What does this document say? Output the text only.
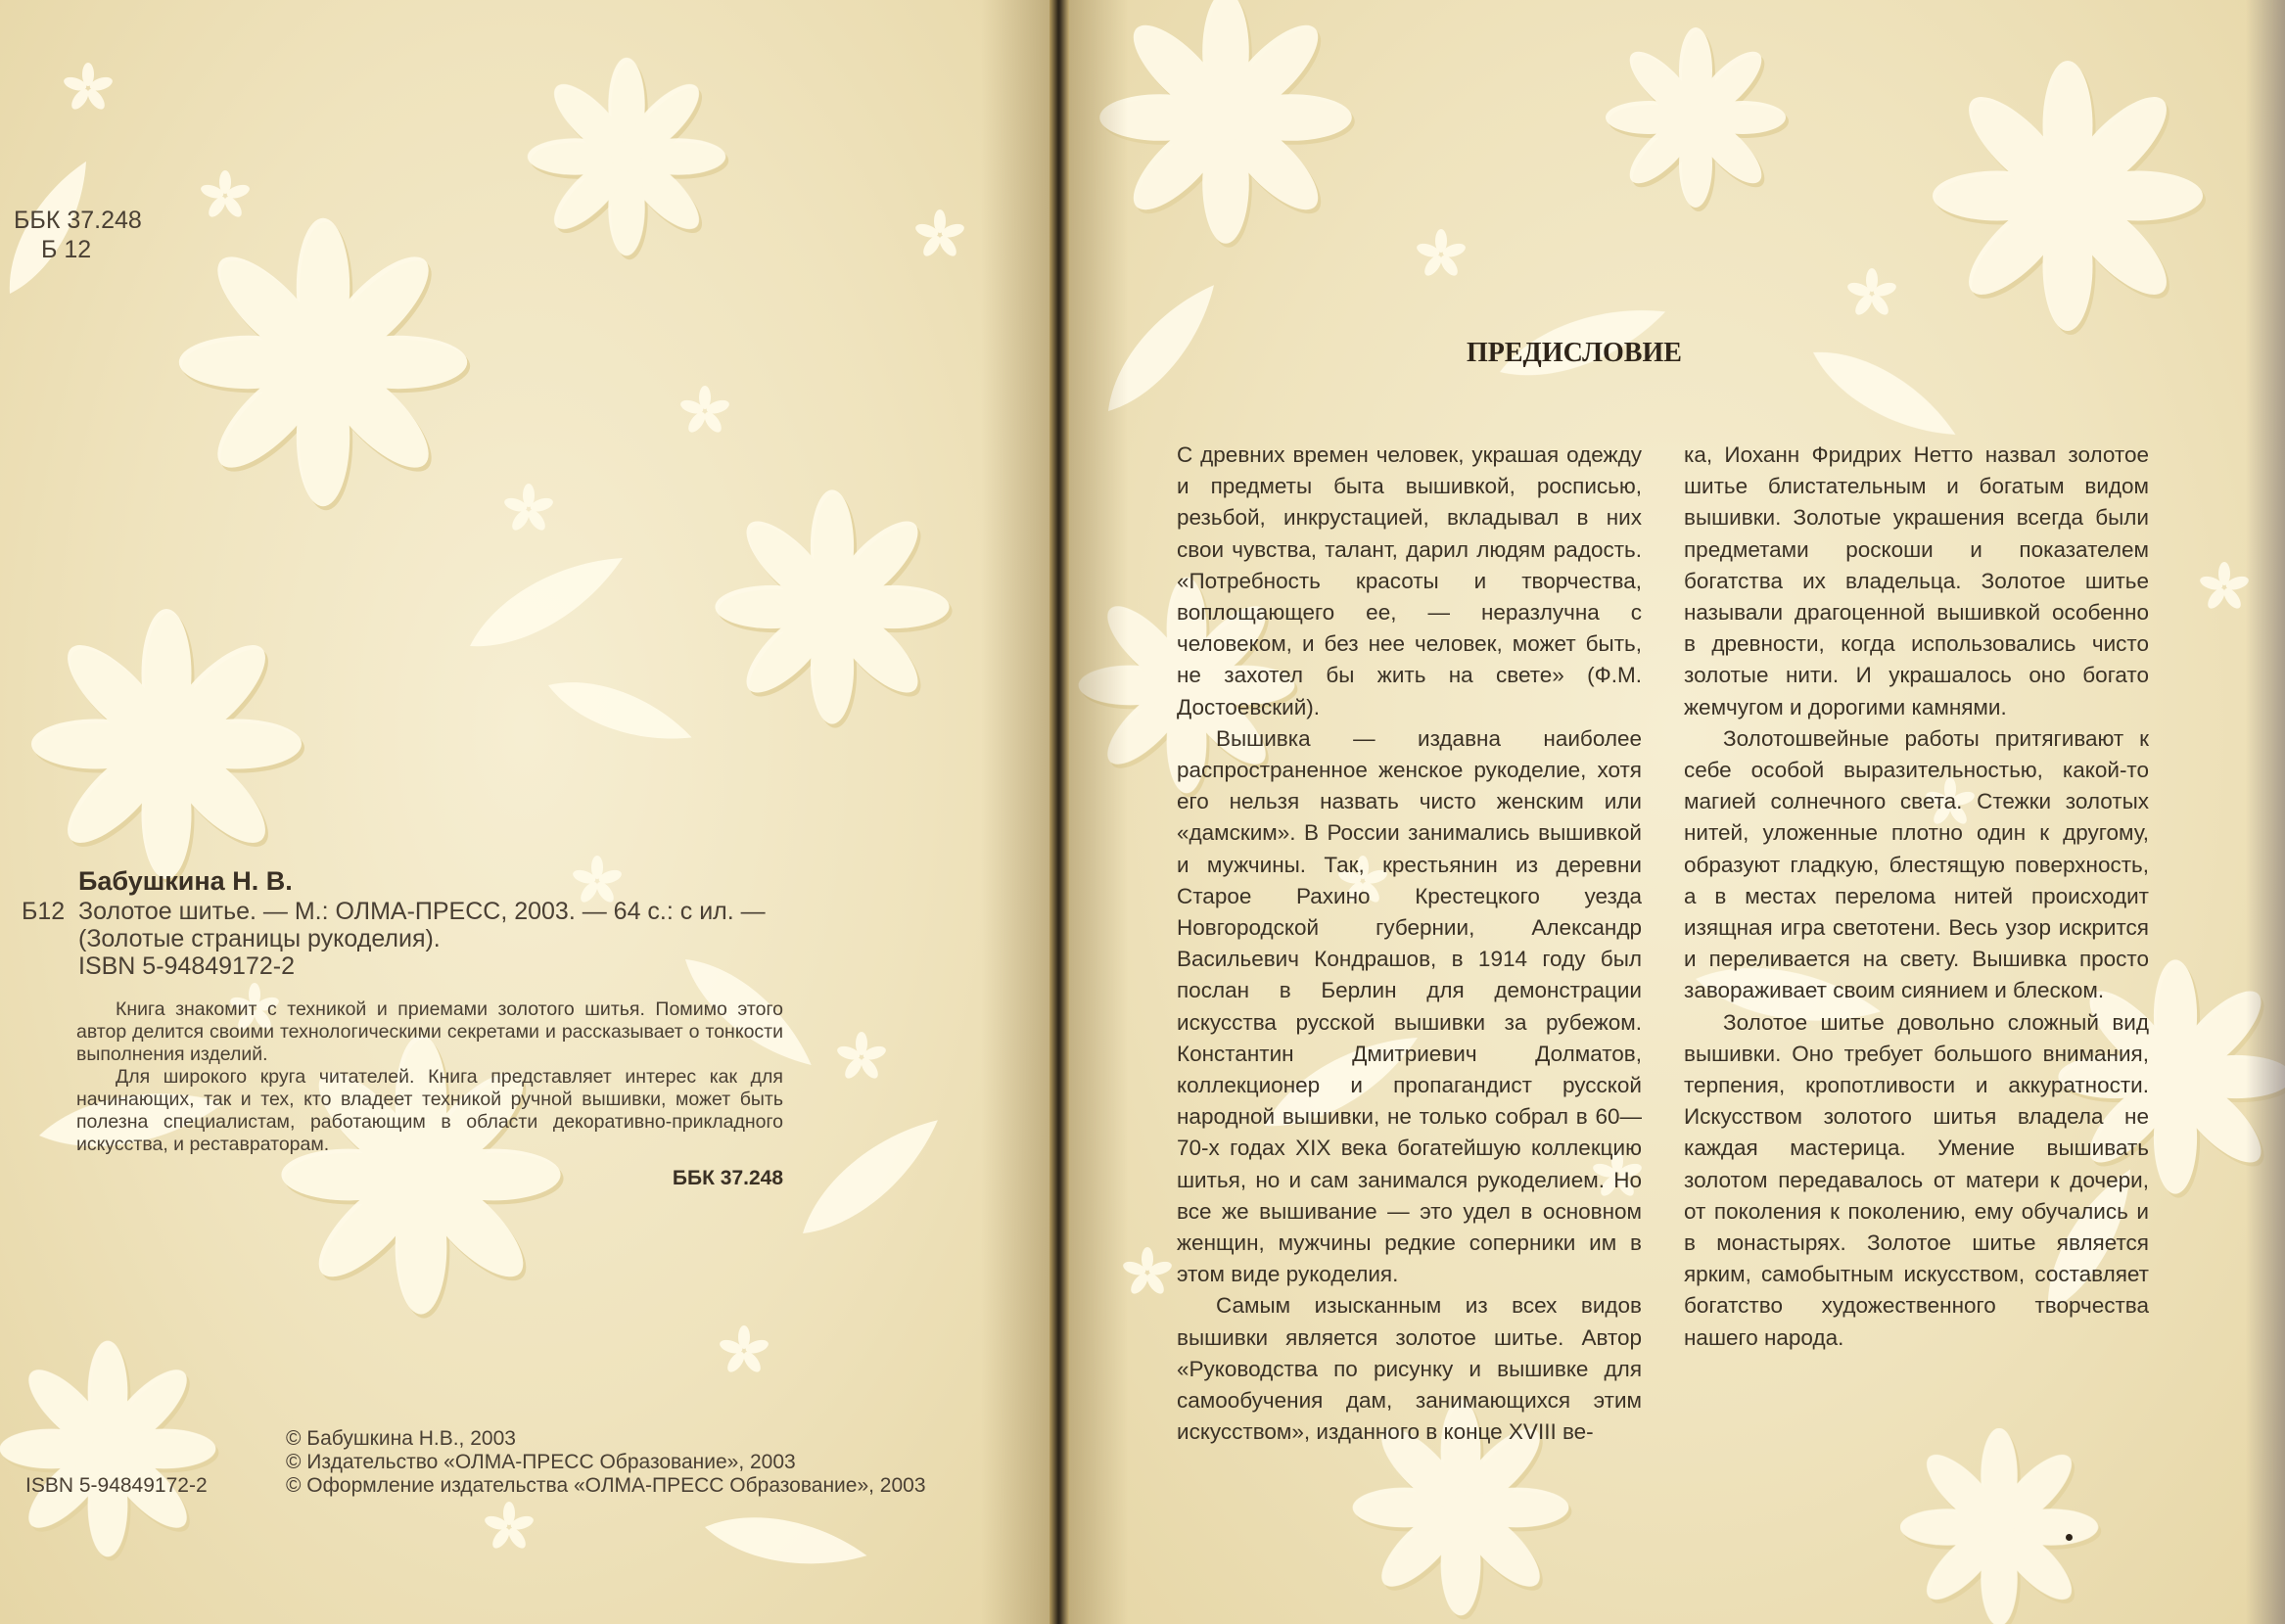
ББК 37.248
Б 12
Бабушкина Н. В.
Б12 Золотое шитье. — М.: ОЛМА-ПРЕСС, 2003. — 64 с.: с ил. —
(Золотые страницы рукоделия).
ISBN 5-94849172-2

Книга знакомит с техникой и приемами золотого шитья. Помимо этого автор делится своими технологическими секретами и рассказывает о тонкости выполнения изделий.

Для широкого круга читателей. Книга представляет интерес как для начинающих, так и тех, кто владеет техникой ручной вышивки, может быть полезна специалистам, работающим в области декоративно-прикладного искусства, и реставраторам.

ББК 37.248
© Бабушкина Н.В., 2003
© Издательство «ОЛМА-ПРЕСС Образование», 2003
© Оформление издательства «ОЛМА-ПРЕСС Образование», 2003
ISBN 5-94849172-2
ПРЕДИСЛОВИЕ

С древних времен человек, украшая одежду и предметы быта вышивкой, росписью, резьбой, инкрустацией, вкладывал в них свои чувства, талант, дарил людям радость. «Потребность красоты и творчества, воплощающего ее, — неразлучна с человеком, и без нее человек, может быть, не захотел бы жить на свете» (Ф.М. Достоевский).

Вышивка — издавна наиболее распространенное женское рукоделие, хотя его нельзя назвать чисто женским или «дамским». В России занимались вышивкой и мужчины. Так, крестьянин из деревни Старое Рахино Крестецкого уезда Новгородской губернии, Александр Васильевич Кондрашов, в 1914 году был послан в Берлин для демонстрации искусства русской вышивки за рубежом. Константин Дмитриевич Долматов, коллекционер и пропагандист русской народной вышивки, не только собрал в 60—70-х годах XIX века богатейшую коллекцию шитья, но и сам занимался рукоделием. Но все же вышивание — это удел в основном женщин, мужчины редкие соперники им в этом виде рукоделия.

Самым изысканным из всех видов вышивки является золотое шитье. Автор «Руководства по рисунку и вышивке для самообучения дам, занимающихся этим искусством», изданного в конце XVIII ве-

ка, Иоханн Фридрих Нетто назвал золотое шитье блистательным и богатым видом вышивки. Золотые украшения всегда были предметами роскоши и показателем богатства их владельца. Золотое шитье называли драгоценной вышивкой особенно в древности, когда использовались чисто золотые нити. И украшалось оно богато жемчугом и дорогими камнями.

Золотошвейные работы притягивают к себе особой выразительностью, какой-то магией солнечного света. Стежки золотых нитей, уложенные плотно один к другому, образуют гладкую, блестящую поверхность, а в местах перелома нитей происходит изящная игра светотени. Весь узор искрится и переливается на свету. Вышивка просто завораживает своим сиянием и блеском.

Золотое шитье довольно сложный вид вышивки. Оно требует большого внимания, терпения, кропотливости и аккуратности. Искусством золотого шитья владела не каждая мастерица. Умение вышивать золотом передавалось от матери к дочери, от поколения к поколению, ему обучались и в монастырях. Золотое шитье является ярким, самобытным искусством, составляет богатство художественного творчества нашего народа.
